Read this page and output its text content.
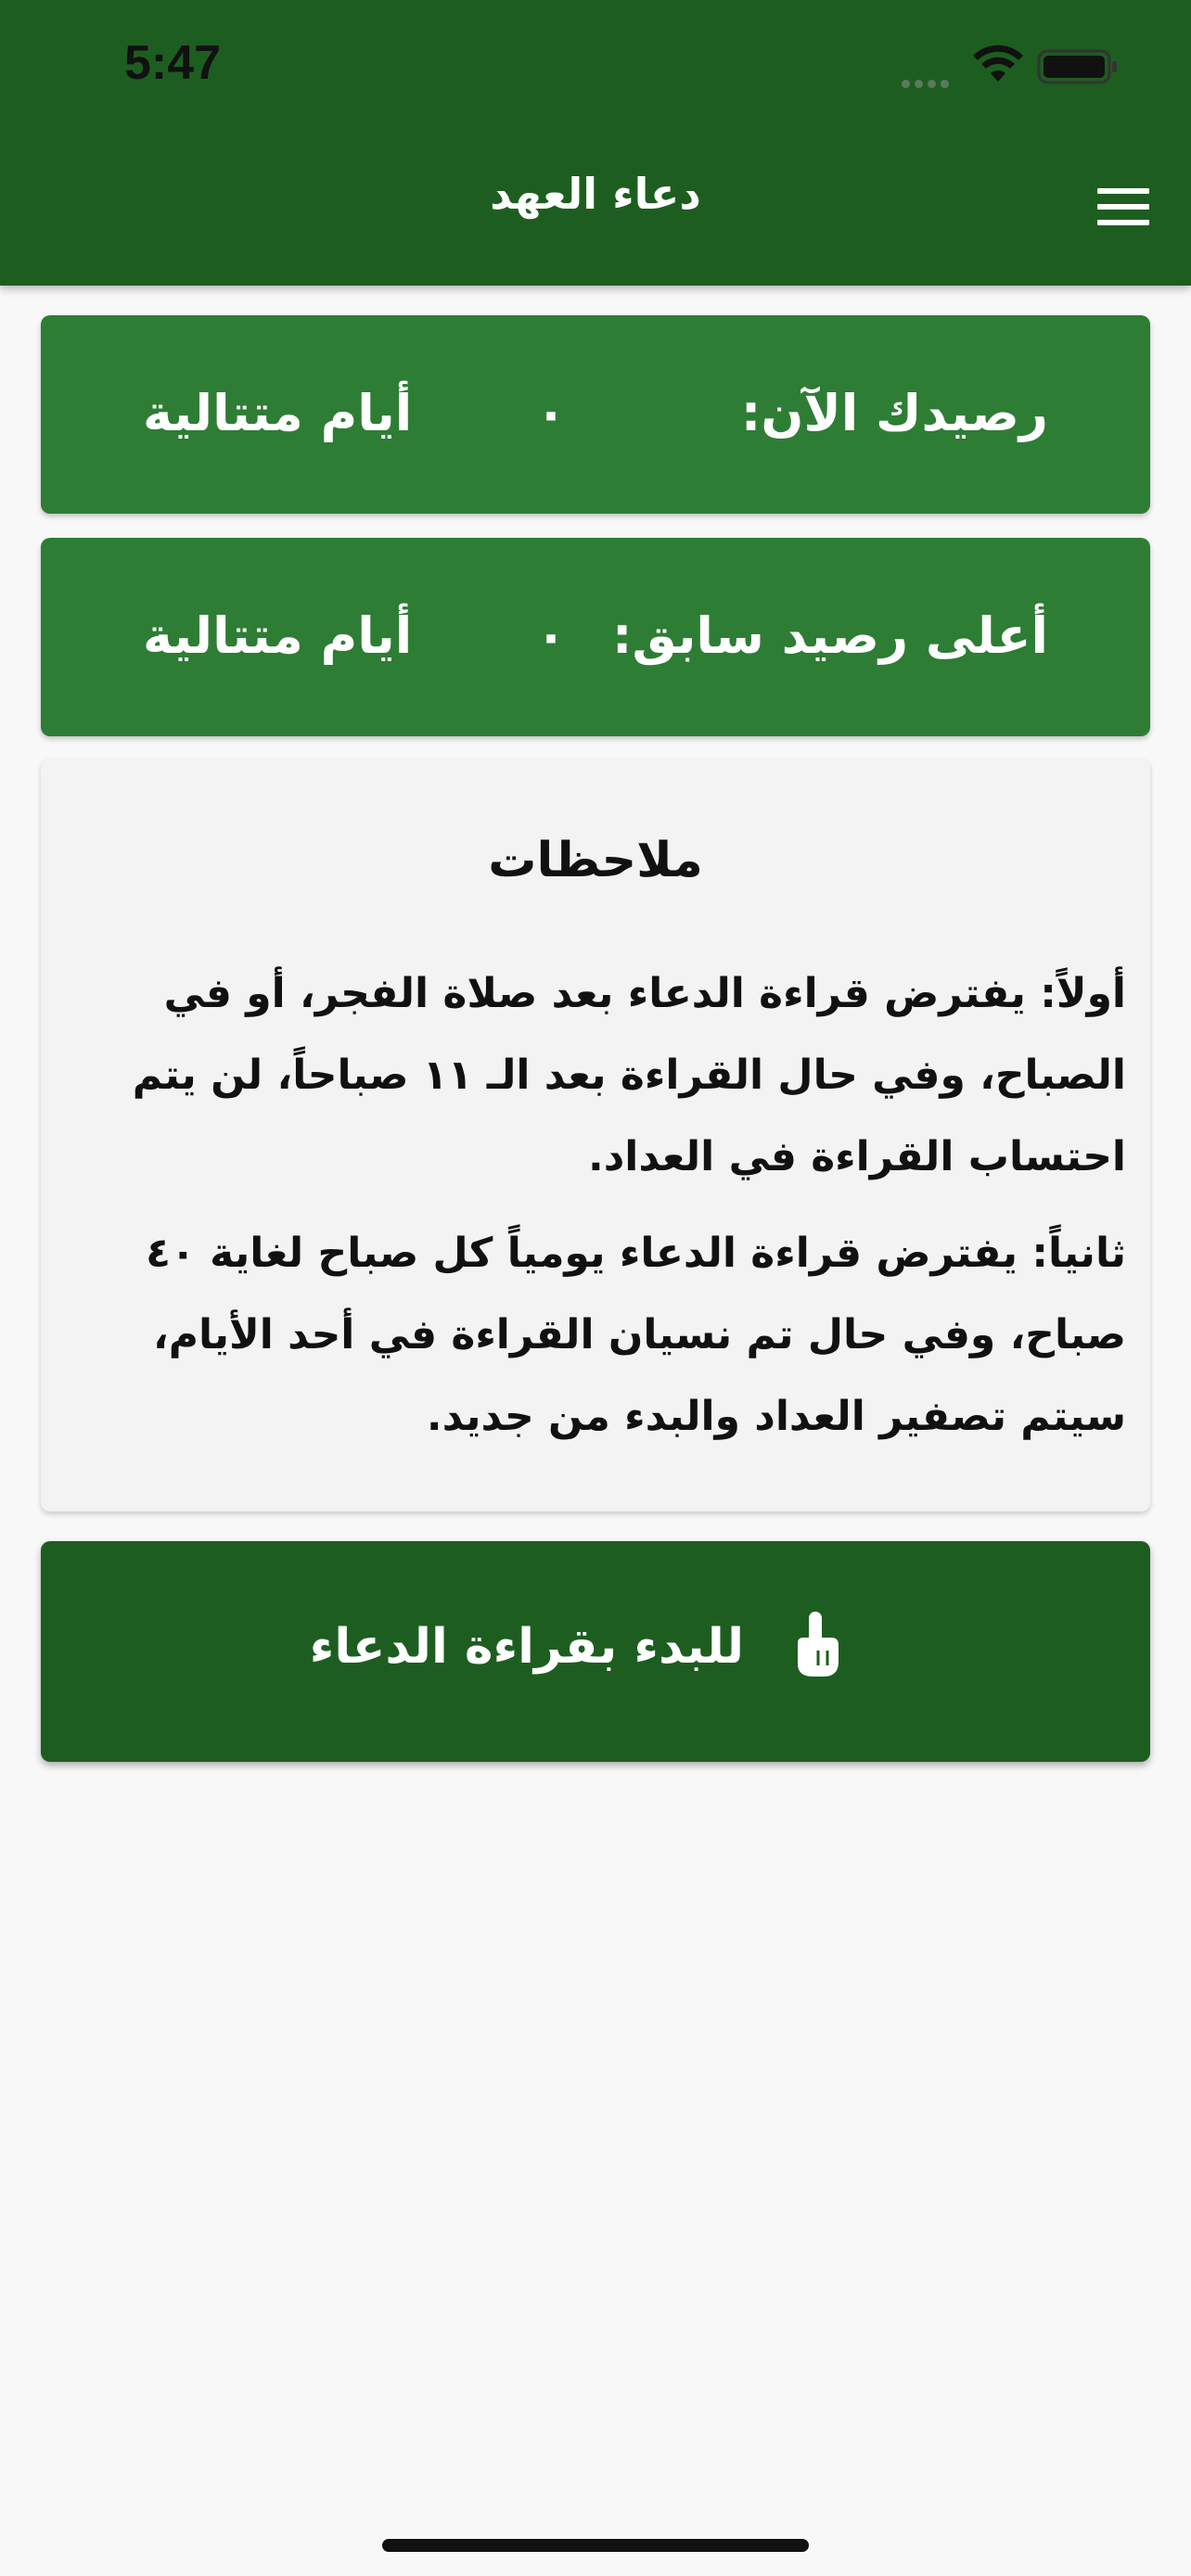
5:47
دعاء العهد
رصيدك الآن:
٠
أيام متتالية
أعلى رصيد سابق:
٠
أيام متتالية
ملاحظات
أولاً: يفترض قراءة الدعاء بعد صلاة الفجر، أو في الصباح، وفي حال القراءة بعد الـ ١١ صباحاً، لن يتم احتساب القراءة في العداد.
ثانياً: يفترض قراءة الدعاء يومياً كل صباح لغاية ٤٠ صباح، وفي حال تم نسيان القراءة في أحد الأيام، سيتم تصفير العداد والبدء من جديد.
للبدء بقراءة الدعاء
